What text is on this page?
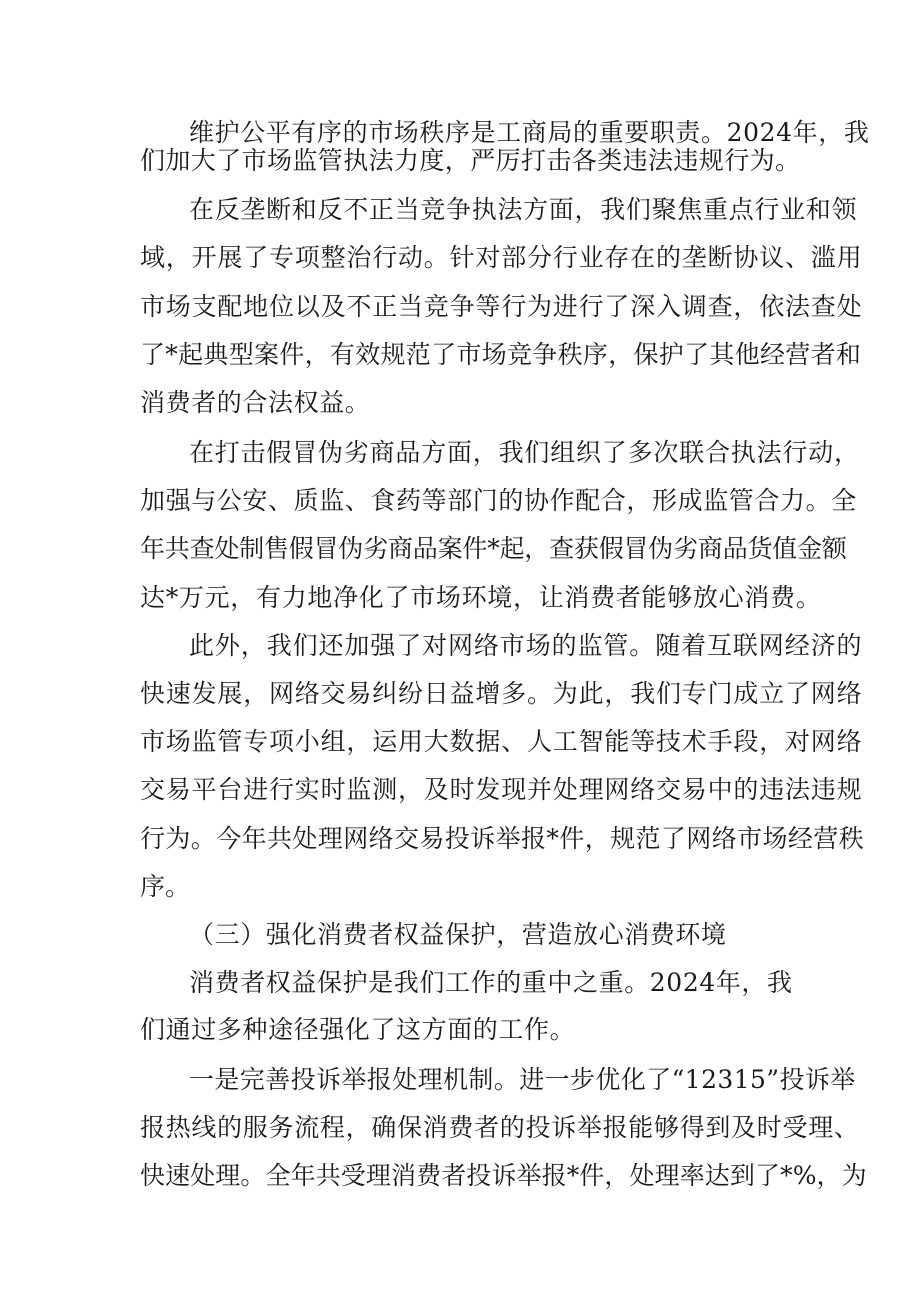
维护公平有序的市场秩序是工商局的重要职责。2024年，我

们加大了市场监管执法力度，严厉打击各类违法违规行为。

在反垄断和反不正当竞争执法方面，我们聚焦重点行业和领

域，开展了专项整治行动。针对部分行业存在的垄断协议、滥用

市场支配地位以及不正当竞争等行为进行了深入调查，依法查处

了*起典型案件，有效规范了市场竞争秩序，保护了其他经营者和

消费者的合法权益。

在打击假冒伪劣商品方面，我们组织了多次联合执法行动，

加强与公安、质监、食药等部门的协作配合，形成监管合力。全

年共查处制售假冒伪劣商品案件*起，查获假冒伪劣商品货值金额

达*万元，有力地净化了市场环境，让消费者能够放心消费。

此外，我们还加强了对网络市场的监管。随着互联网经济的

快速发展，网络交易纠纷日益增多。为此，我们专门成立了网络

市场监管专项小组，运用大数据、人工智能等技术手段，对网络

交易平台进行实时监测，及时发现并处理网络交易中的违法违规

行为。今年共处理网络交易投诉举报*件，规范了网络市场经营秩

序。

（三）强化消费者权益保护，营造放心消费环境

消费者权益保护是我们工作的重中之重。2024年，我

们通过多种途径强化了这方面的工作。

一是完善投诉举报处理机制。进一步优化了“12315”投诉举

报热线的服务流程，确保消费者的投诉举报能够得到及时受理、

快速处理。全年共受理消费者投诉举报*件，处理率达到了*%，为
